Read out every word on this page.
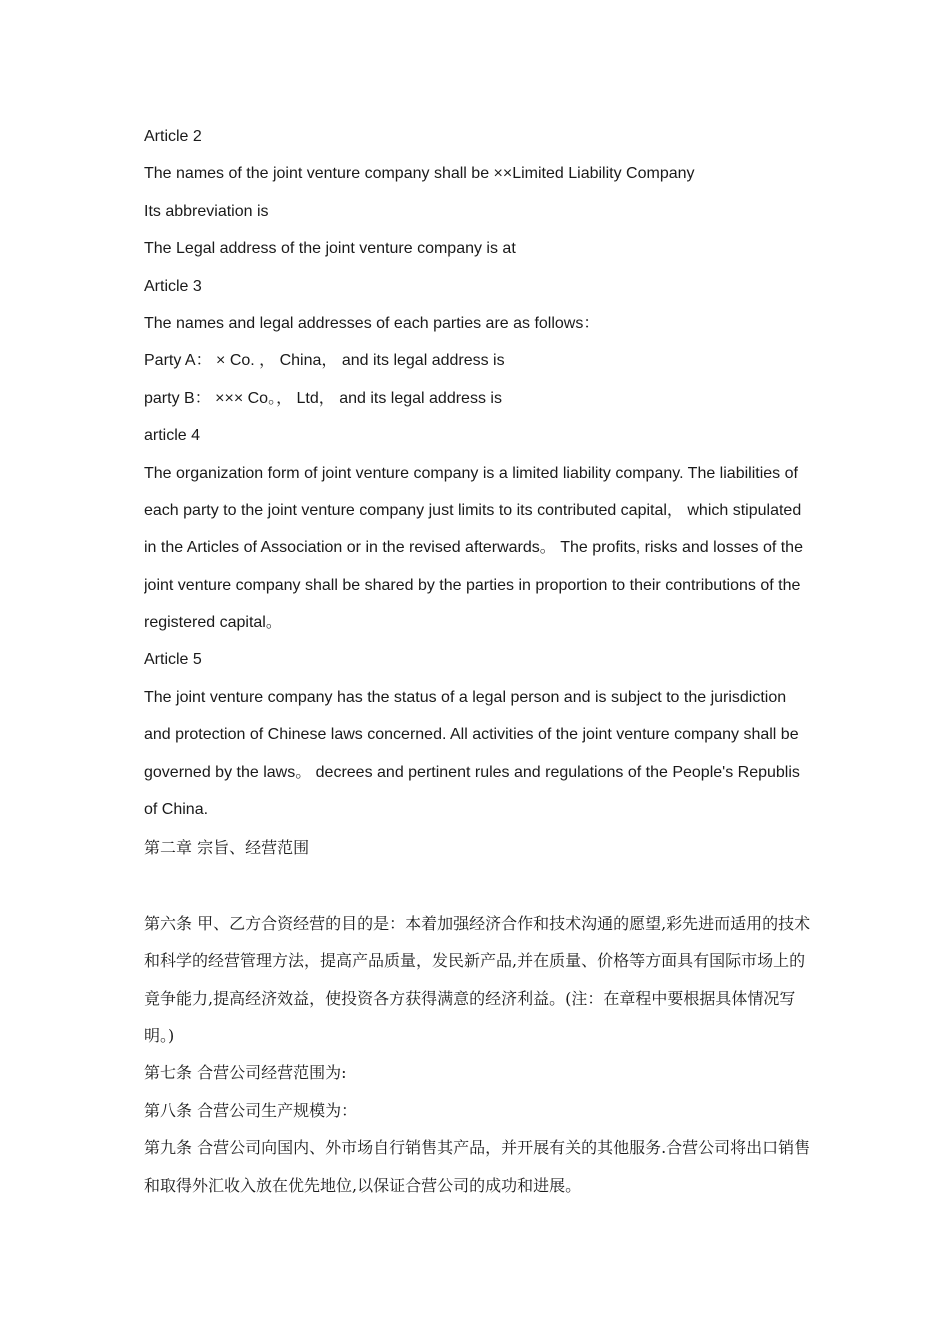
Article 2
The names of the joint venture company shall be ××Limited Liability Company
Its abbreviation is
The Legal address of the joint venture company is at
Article 3
The names and legal addresses of each parties are as follows：
Party A： × Co. ， China， and its legal address is
party B： ××× Co。， Ltd， and its legal address is
article 4
The organization form of joint venture company is a limited liability company. The liabilities of
each party to the joint venture company just limits to its contributed capital， which stipulated
in the Articles of Association or in the revised afterwards。 The profits, risks and losses of the
joint venture company shall be shared by the parties in proportion to their contributions of the
registered capital。
Article 5
The joint venture company has the status of a legal person and is subject to the jurisdiction
and protection of Chinese laws concerned. All activities of the joint venture company shall be
governed by the laws。 decrees and pertinent rules and regulations of the People's Republis
of China.
第二章 宗旨、经营范围
第六条 甲、乙方合资经营的目的是：本着加强经济合作和技术沟通的愿望,彩先进而适用的技术
和科学的经营管理方法，提高产品质量，发民新产品,并在质量、价格等方面具有国际市场上的
竟争能力,提高经济效益，使投资各方获得满意的经济利益。(注：在章程中要根据具体情况写
明。)
第七条 合营公司经营范围为:
第八条 合营公司生产规模为：
第九条 合营公司向国内、外市场自行销售其产品，并开展有关的其他服务.合营公司将出口销售
和取得外汇收入放在优先地位,以保证合营公司的成功和进展。
